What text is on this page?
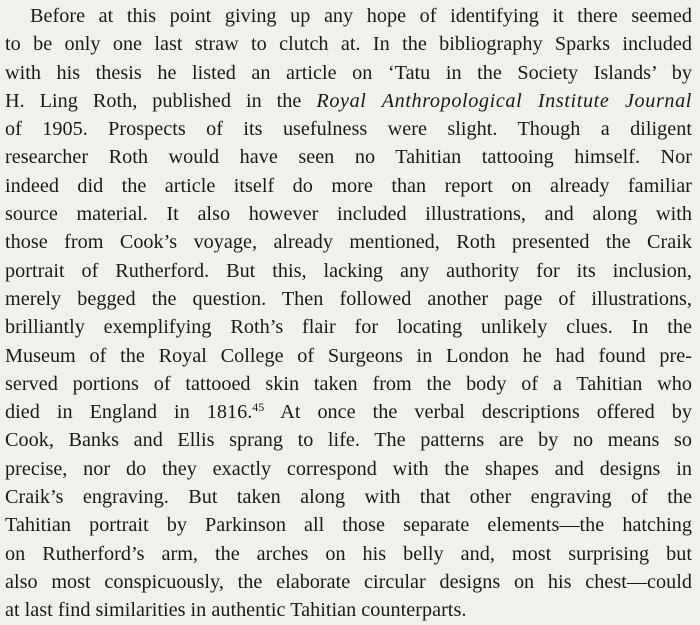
Before at this point giving up any hope of identifying it there seemed
to be only one last straw to clutch at. In the bibliography Sparks included
with his thesis he listed an article on ‘Tatu in the Society Islands’ by
H. Ling Roth, published in the Royal Anthropological Institute Journal
of 1905. Prospects of its usefulness were slight. Though a diligent
researcher Roth would have seen no Tahitian tattooing himself. Nor
indeed did the article itself do more than report on already familiar
source material. It also however included illustrations, and along with
those from Cook’s voyage, already mentioned, Roth presented the Craik
portrait of Rutherford. But this, lacking any authority for its inclusion,
merely begged the question. Then followed another page of illustrations,
brilliantly exemplifying Roth’s flair for locating unlikely clues. In the
Museum of the Royal College of Surgeons in London he had found pre-
served portions of tattooed skin taken from the body of a Tahitian who
died in England in 1816.45 At once the verbal descriptions offered by
Cook, Banks and Ellis sprang to life. The patterns are by no means so
precise, nor do they exactly correspond with the shapes and designs in
Craik’s engraving. But taken along with that other engraving of the
Tahitian portrait by Parkinson all those separate elements—the hatching
on Rutherford’s arm, the arches on his belly and, most surprising but
also most conspicuously, the elaborate circular designs on his chest—could
at last find similarities in authentic Tahitian counterparts.
